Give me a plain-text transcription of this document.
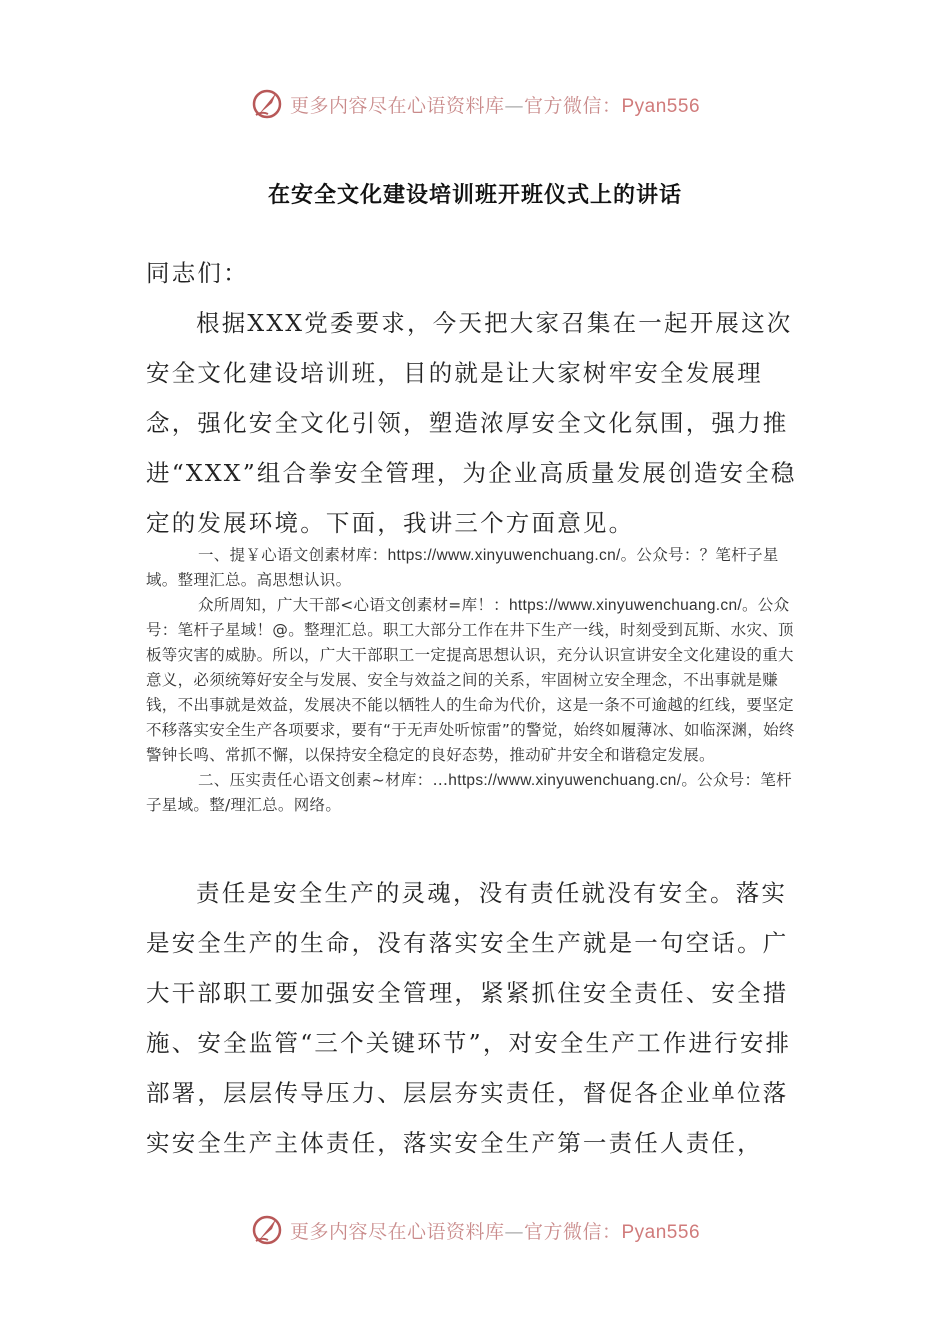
更多内容尽在心语资料库—官方微信：Pyan556
在安全文化建设培训班开班仪式上的讲话

同志们：

根据XXX党委要求，今天把大家召集在一起开展这次安全文化建设培训班，目的就是让大家树牢安全发展理念，强化安全文化引领，塑造浓厚安全文化氛围，强力推进“XXX”组合拳安全管理，为企业高质量发展创造安全稳定的发展环境。下面，我讲三个方面意见。

一、提￥心语文创素材库：https://www.xinyuwenchuang.cn/。公众号：？笔杆子星域。整理汇总。高思想认识。

众所周知，广大干部<心语文创素材=库！：https://www.xinyuwenchuang.cn/。公众号：笔杆子星域！@。整理汇总。职工大部分工作在井下生产一线，时刻受到瓦斯、水灾、顶板等灾害的威胁。所以，广大干部职工一定提高思想认识，充分认识宣讲安全文化建设的重大意义，必须统筹好安全与发展、安全与效益之间的关系，牢固树立安全理念，不出事就是赚钱，不出事就是效益，发展决不能以牺牲人的生命为代价，这是一条不可逾越的红线，要坚定不移落实安全生产各项要求，要有“于无声处听惊雷”的警觉，始终如履薄冰、如临深渊，始终警钟长鸣、常抓不懈，以保持安全稳定的良好态势，推动矿井安全和谐稳定发展。

二、压实责任心语文创素~材库：…https://www.xinyuwenchuang.cn/。公众号：笔杆子星域。整/理汇总。网络。

责任是安全生产的灵魂，没有责任就没有安全。落实是安全生产的生命，没有落实安全生产就是一句空话。广大干部职工要加强安全管理，紧紧抓住安全责任、安全措施、安全监管“三个关键环节”，对安全生产工作进行安排部署，层层传导压力、层层夯实责任，督促各企业单位落实安全生产主体责任，落实安全生产第一责任人责任，

更多内容尽在心语资料库—官方微信：Pyan556
